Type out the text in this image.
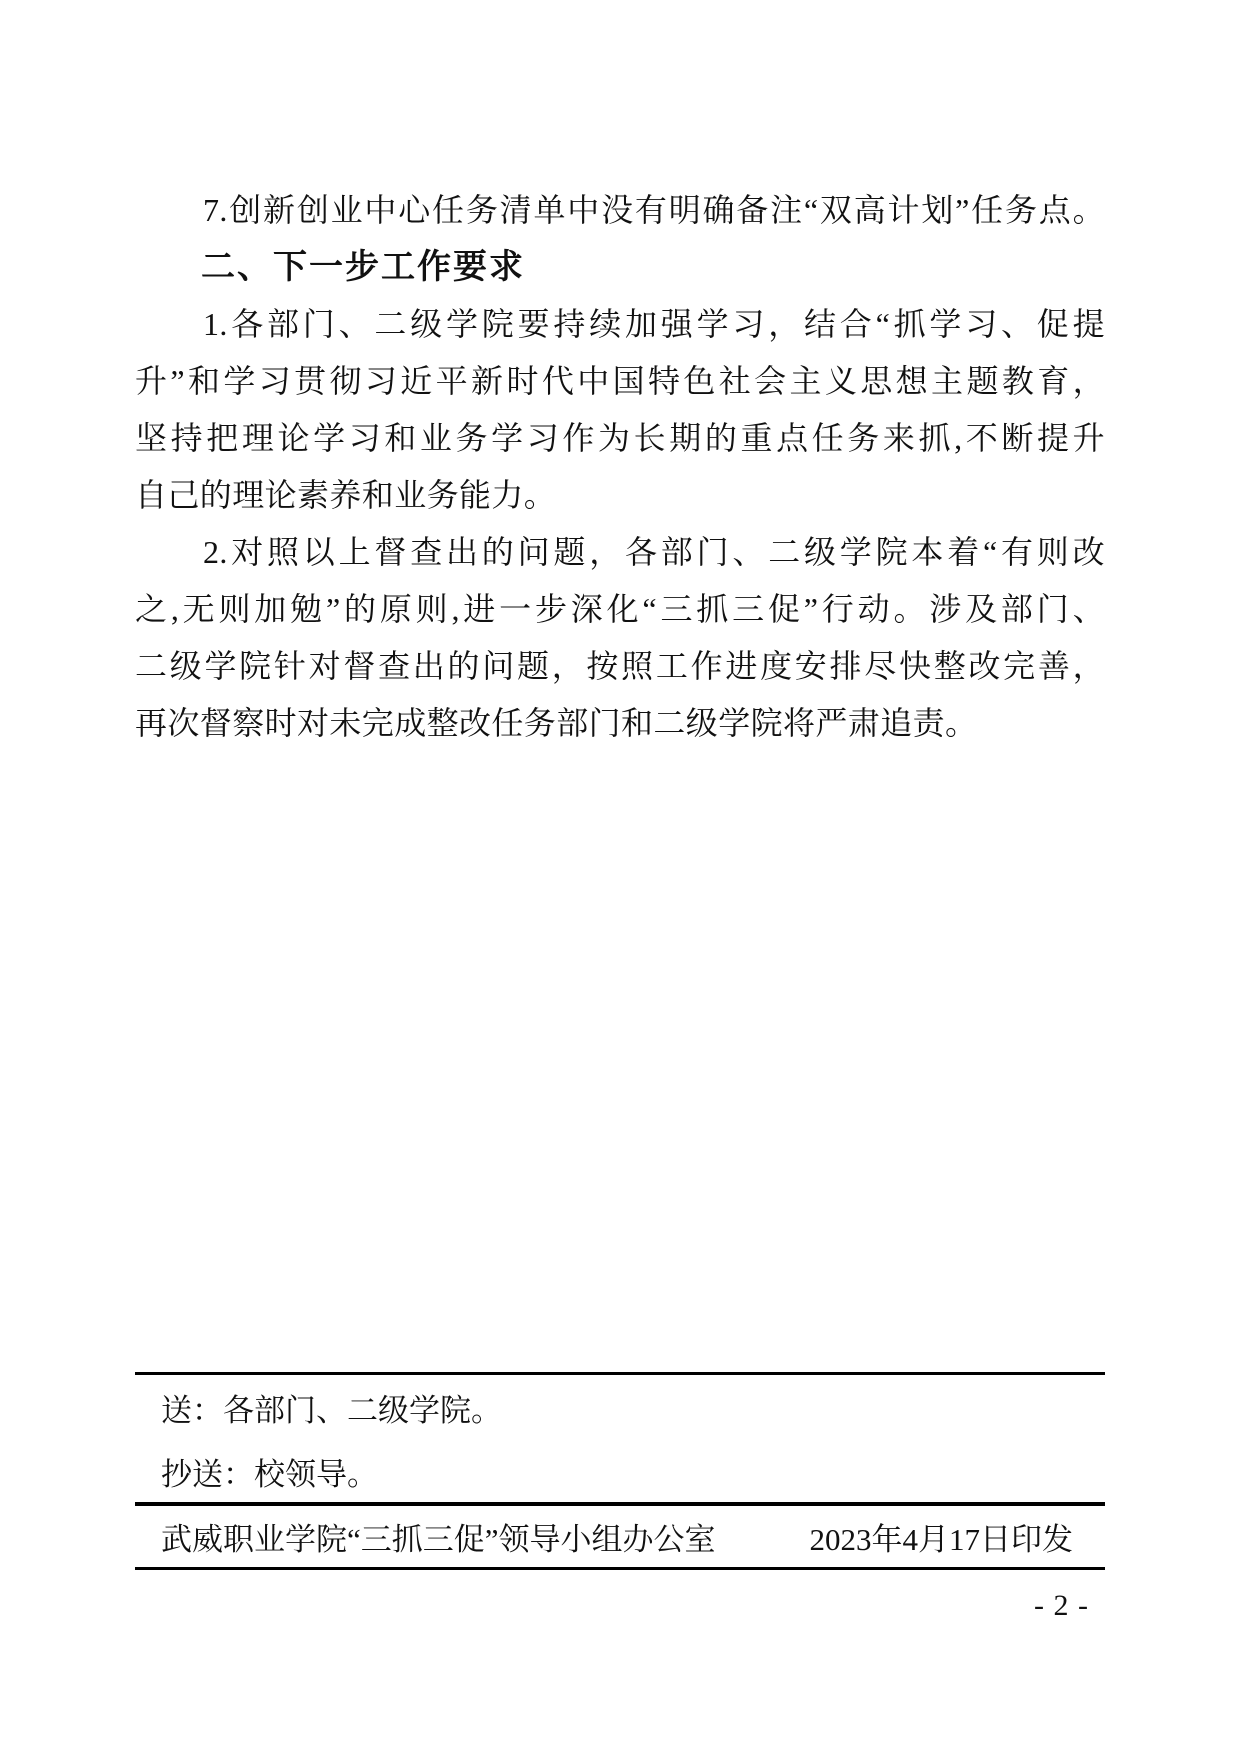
7.创新创业中心任务清单中没有明确备注“双高计划”任务点。
二、下一步工作要求
1.各部门、二级学院要持续加强学习，结合“抓学习、促提
升”和学习贯彻习近平新时代中国特色社会主义思想主题教育，
坚持把理论学习和业务学习作为长期的重点任务来抓,不断提升
自己的理论素养和业务能力。
2.对照以上督查出的问题，各部门、二级学院本着“有则改
之,无则加勉”的原则,进一步深化“三抓三促”行动。涉及部门、
二级学院针对督查出的问题，按照工作进度安排尽快整改完善，
再次督察时对未完成整改任务部门和二级学院将严肃追责。
送：各部门、二级学院。
抄送：校领导。
武威职业学院“三抓三促”领导小组办公室	2023年4月17日印发
- 2 -
